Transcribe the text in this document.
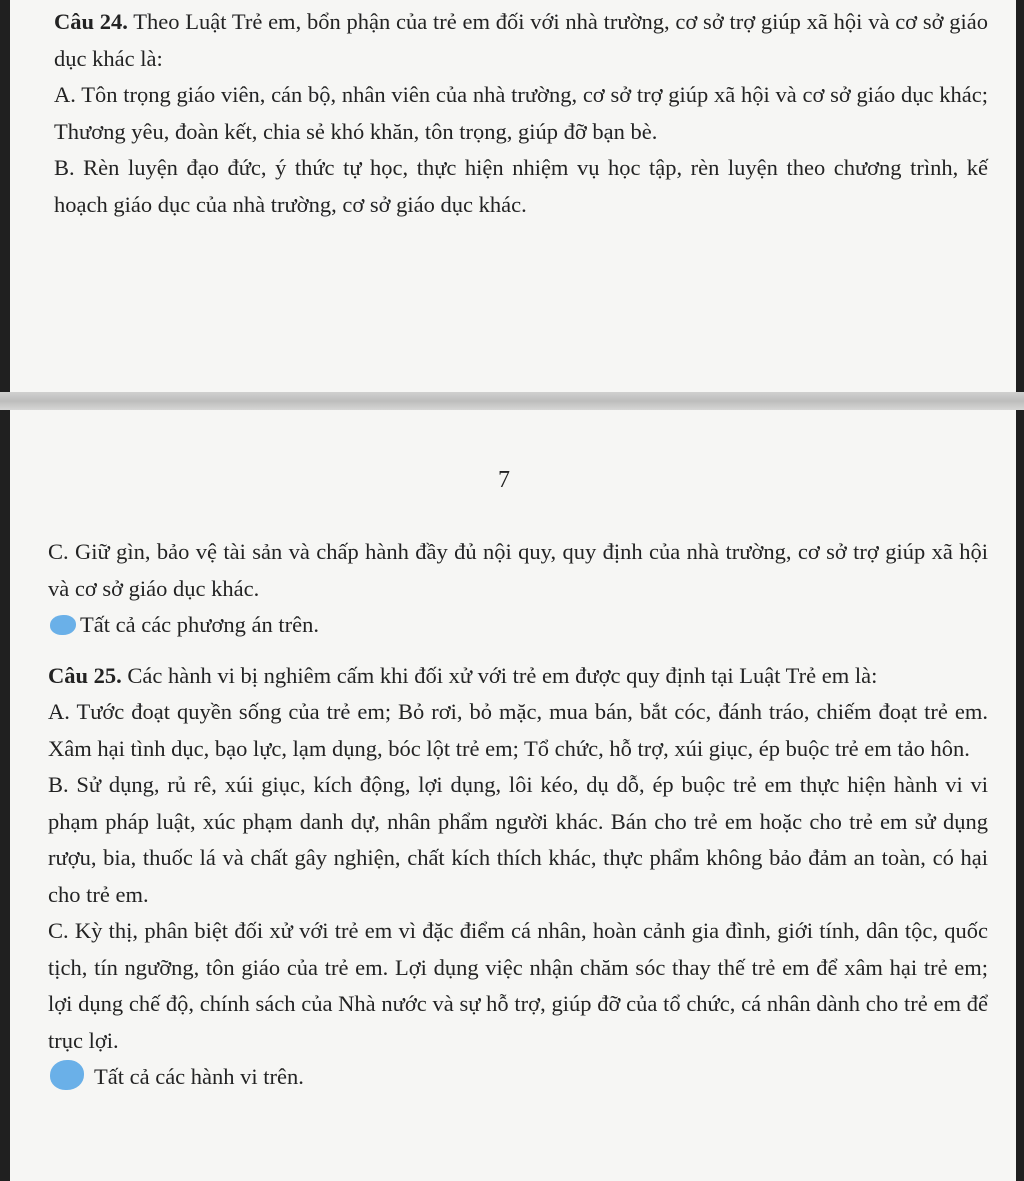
Câu 24. Theo Luật Trẻ em, bổn phận của trẻ em đối với nhà trường, cơ sở trợ giúp xã hội và cơ sở giáo dục khác là:

A. Tôn trọng giáo viên, cán bộ, nhân viên của nhà trường, cơ sở trợ giúp xã hội và cơ sở giáo dục khác; Thương yêu, đoàn kết, chia sẻ khó khăn, tôn trọng, giúp đỡ bạn bè.

B. Rèn luyện đạo đức, ý thức tự học, thực hiện nhiệm vụ học tập, rèn luyện theo chương trình, kế hoạch giáo dục của nhà trường, cơ sở giáo dục khác.

7

C. Giữ gìn, bảo vệ tài sản và chấp hành đầy đủ nội quy, quy định của nhà trường, cơ sở trợ giúp xã hội và cơ sở giáo dục khác.

Tất cả các phương án trên.

Câu 25. Các hành vi bị nghiêm cấm khi đối xử với trẻ em được quy định tại Luật Trẻ em là:

A. Tước đoạt quyền sống của trẻ em; Bỏ rơi, bỏ mặc, mua bán, bắt cóc, đánh tráo, chiếm đoạt trẻ em. Xâm hại tình dục, bạo lực, lạm dụng, bóc lột trẻ em; Tổ chức, hỗ trợ, xúi giục, ép buộc trẻ em tảo hôn.

B. Sử dụng, rủ rê, xúi giục, kích động, lợi dụng, lôi kéo, dụ dỗ, ép buộc trẻ em thực hiện hành vi vi phạm pháp luật, xúc phạm danh dự, nhân phẩm người khác. Bán cho trẻ em hoặc cho trẻ em sử dụng rượu, bia, thuốc lá và chất gây nghiện, chất kích thích khác, thực phẩm không bảo đảm an toàn, có hại cho trẻ em.

C. Kỳ thị, phân biệt đối xử với trẻ em vì đặc điểm cá nhân, hoàn cảnh gia đình, giới tính, dân tộc, quốc tịch, tín ngưỡng, tôn giáo của trẻ em. Lợi dụng việc nhận chăm sóc thay thế trẻ em để xâm hại trẻ em; lợi dụng chế độ, chính sách của Nhà nước và sự hỗ trợ, giúp đỡ của tổ chức, cá nhân dành cho trẻ em để trục lợi.

Tất cả các hành vi trên.
